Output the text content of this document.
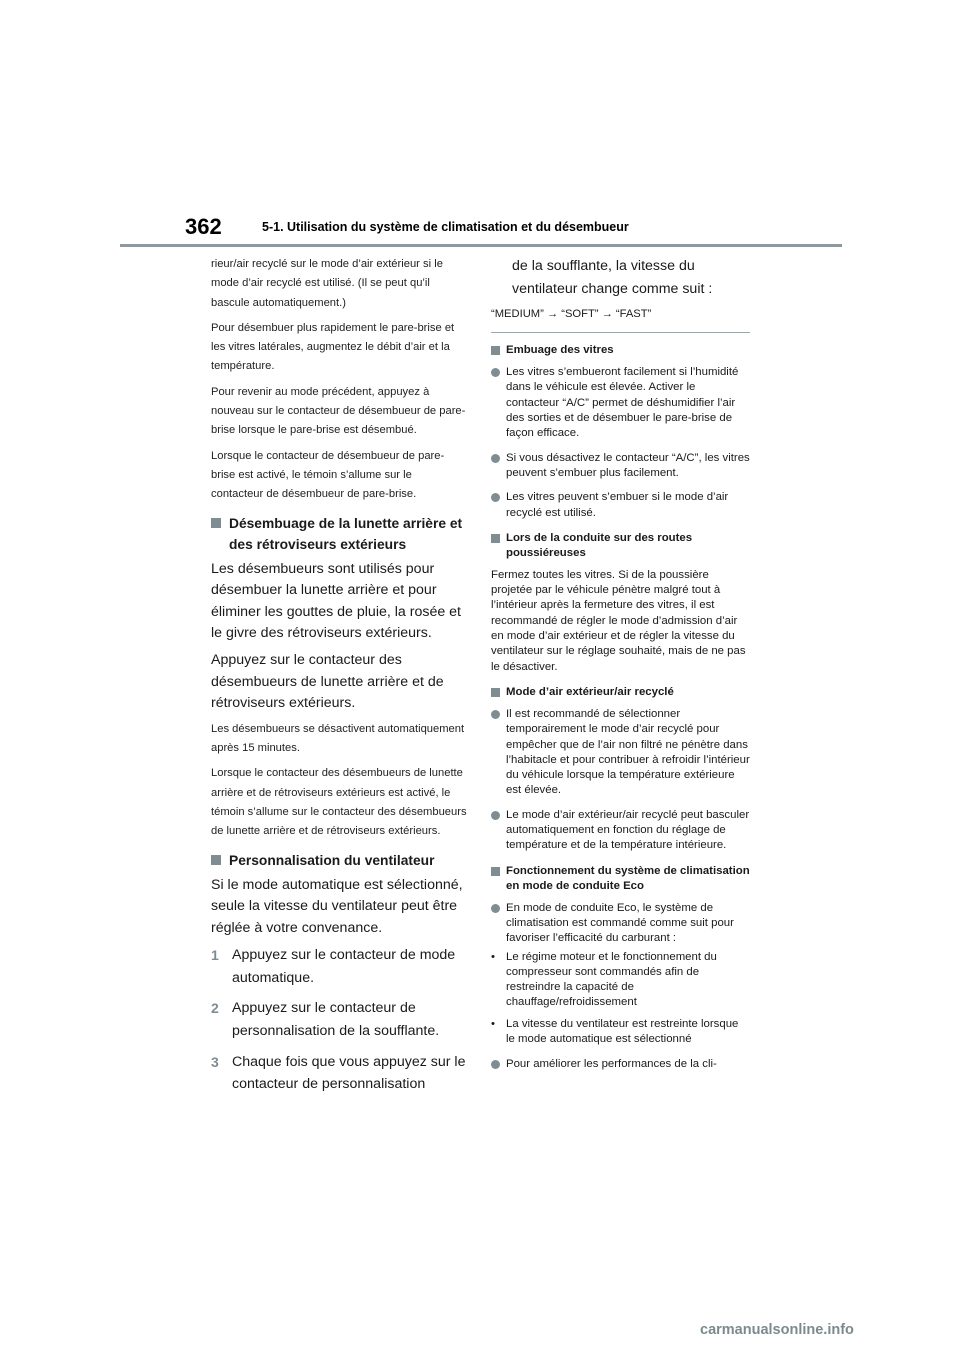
362	5-1. Utilisation du système de climatisation et du désembueur

rieur/air recyclé sur le mode d’air extérieur si le mode d’air recyclé est utilisé. (Il se peut qu’il bascule automatiquement.)

Pour désembuer plus rapidement le pare-brise et les vitres latérales, augmentez le débit d’air et la température.

Pour revenir au mode précédent, appuyez à nouveau sur le contacteur de désembueur de pare-brise lorsque le pare-brise est désembué.

Lorsque le contacteur de désembueur de pare-brise est activé, le témoin s’allume sur le contacteur de désembueur de pare-brise.

Désembuage de la lunette arrière et des rétroviseurs extérieurs

Les désembueurs sont utilisés pour désembuer la lunette arrière et pour éliminer les gouttes de pluie, la rosée et le givre des rétroviseurs extérieurs.

Appuyez sur le contacteur des désembueurs de lunette arrière et de rétroviseurs extérieurs.

Les désembueurs se désactivent automatiquement après 15 minutes.

Lorsque le contacteur des désembueurs de lunette arrière et de rétroviseurs extérieurs est activé, le témoin s’allume sur le contacteur des désembueurs de lunette arrière et de rétroviseurs extérieurs.

Personnalisation du ventilateur

Si le mode automatique est sélectionné, seule la vitesse du ventilateur peut être réglée à votre convenance.

1 Appuyez sur le contacteur de mode automatique.
2 Appuyez sur le contacteur de personnalisation de la soufflante.
3 Chaque fois que vous appuyez sur le contacteur de personnalisation
de la soufflante, la vitesse du ventilateur change comme suit :

“MEDIUM” → “SOFT” → “FAST”

Embuage des vitres
Les vitres s’embueront facilement si l’humidité dans le véhicule est élevée. Activer le contacteur “A/C” permet de déshumidifier l’air des sorties et de désembuer le pare-brise de façon efficace.
Si vous désactivez le contacteur “A/C”, les vitres peuvent s’embuer plus facilement.
Les vitres peuvent s’embuer si le mode d’air recyclé est utilisé.
Lors de la conduite sur des routes poussiéreuses

Fermez toutes les vitres. Si de la poussière projetée par le véhicule pénètre malgré tout à l’intérieur après la fermeture des vitres, il est recommandé de régler le mode d’admission d’air en mode d’air extérieur et de régler la vitesse du ventilateur sur le réglage souhaité, mais de ne pas le désactiver.

Mode d’air extérieur/air recyclé
Il est recommandé de sélectionner temporairement le mode d’air recyclé pour empêcher que de l’air non filtré ne pénètre dans l’habitacle et pour contribuer à refroidir l’intérieur du véhicule lorsque la température extérieure est élevée.
Le mode d’air extérieur/air recyclé peut basculer automatiquement en fonction du réglage de température et de la température intérieure.
Fonctionnement du système de climatisation en mode de conduite Eco
En mode de conduite Eco, le système de climatisation est commandé comme suit pour favoriser l’efficacité du carburant :
• Le régime moteur et le fonctionnement du compresseur sont commandés afin de restreindre la capacité de chauffage/refroidissement
• La vitesse du ventilateur est restreinte lorsque le mode automatique est sélectionné
Pour améliorer les performances de la cli-
carmanualsonline.info
